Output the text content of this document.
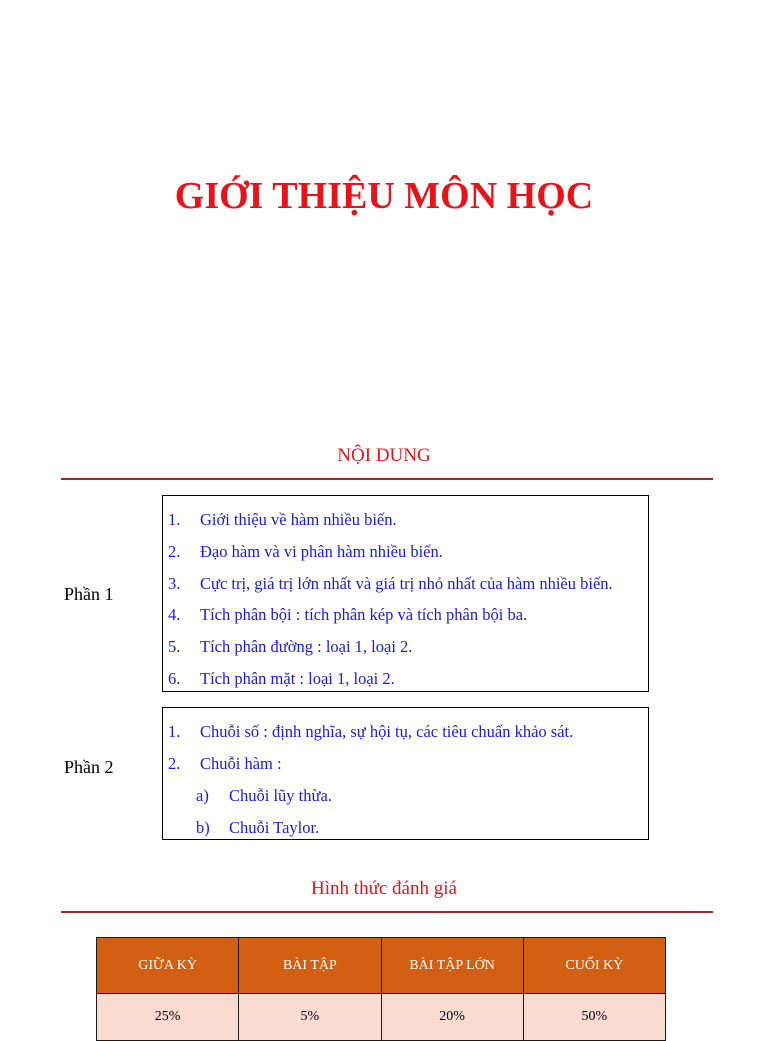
GIỚI THIỆU MÔN HỌC
NỘI DUNG
Phần 1
1. Giới thiệu về hàm nhiều biến.
2. Đạo hàm và vi phân hàm nhiều biến.
3. Cực trị, giá trị lớn nhất và giá trị nhỏ nhất của hàm nhiều biến.
4. Tích phân bội : tích phân kép và tích phân bội ba.
5. Tích phân đường : loại 1, loại 2.
6. Tích phân mặt : loại 1, loại 2.
Phần 2
1. Chuỗi số : định nghĩa, sự hội tụ, các tiêu chuẩn khảo sát.
2. Chuỗi hàm :
a) Chuỗi lũy thừa.
b) Chuỗi Taylor.
Hình thức đánh giá
GIỮA KỲ	BÀI TẬP	BÀI TẬP LỚN	CUỐI KỲ
25%	5%	20%	50%
